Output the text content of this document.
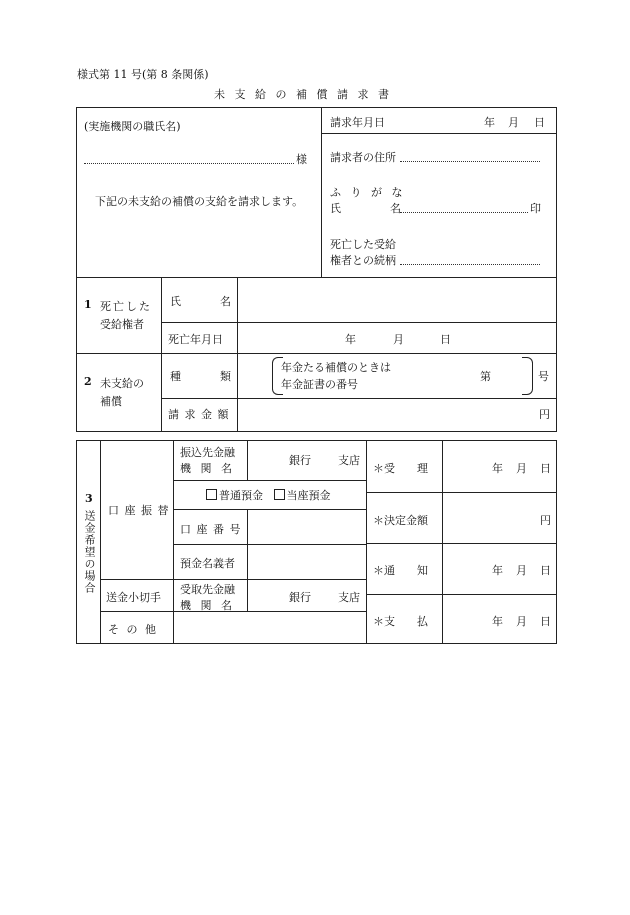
様式第 11 号(第 8 条関係)
未 支 給 の 補 償 請 求 書
(実施機関の職氏名)
様
下記の未支給の補償の支給を請求します。
請求年月日	年 月 日
請求者の住所
ふ り が な
氏	名	印
死亡した受給
権者との続柄
1 死亡した
受給権者
氏	名
死亡年月日	年	月	日
2 未支給の
補償
種	類
年金たる補償のときは
年金証書の番号
第	号
請 求 金 額	円
3
送金希望の場合 口 座 振 替
振込先金融
機 関 名
銀行 支店
普通預金 当座預金
口 座 番 号
預金名義者
送金小切手
受取先金融
機 関 名
銀行 支店
そ の 他
＊受　　理	年 月 日
＊決定金額	円
＊通　　知	年 月 日
＊支　　払	年 月 日
